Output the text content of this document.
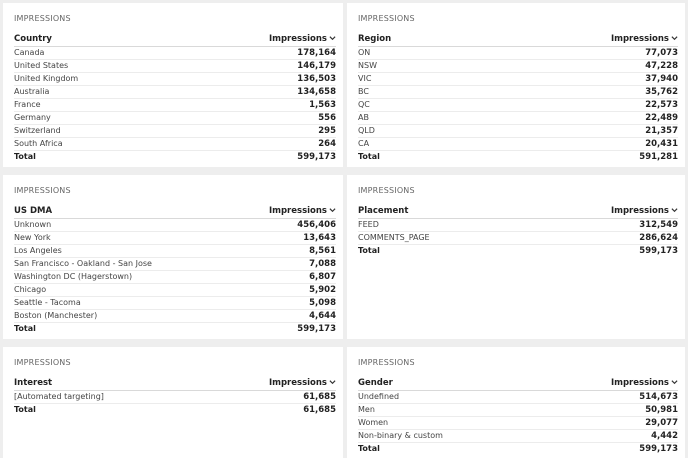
IMPRESSIONS
Country	Impressions
Canada	178,164
United States	146,179
United Kingdom	136,503
Australia	134,658
France	1,563
Germany	556
Switzerland	295
South Africa	264
Total	599,173
IMPRESSIONS
Region	Impressions
ON	77,073
NSW	47,228
VIC	37,940
BC	35,762
QC	22,573
AB	22,489
QLD	21,357
CA	20,431
Total	591,281
IMPRESSIONS
US DMA	Impressions
Unknown	456,406
New York	13,643
Los Angeles	8,561
San Francisco - Oakland - San Jose	7,088
Washington DC (Hagerstown)	6,807
Chicago	5,902
Seattle - Tacoma	5,098
Boston (Manchester)	4,644
Total	599,173
IMPRESSIONS
Placement	Impressions
FEED	312,549
COMMENTS_PAGE	286,624
Total	599,173
IMPRESSIONS
Interest	Impressions
[Automated targeting]	61,685
Total	61,685
IMPRESSIONS
Gender	Impressions
Undefined	514,673
Men	50,981
Women	29,077
Non-binary & custom	4,442
Total	599,173
